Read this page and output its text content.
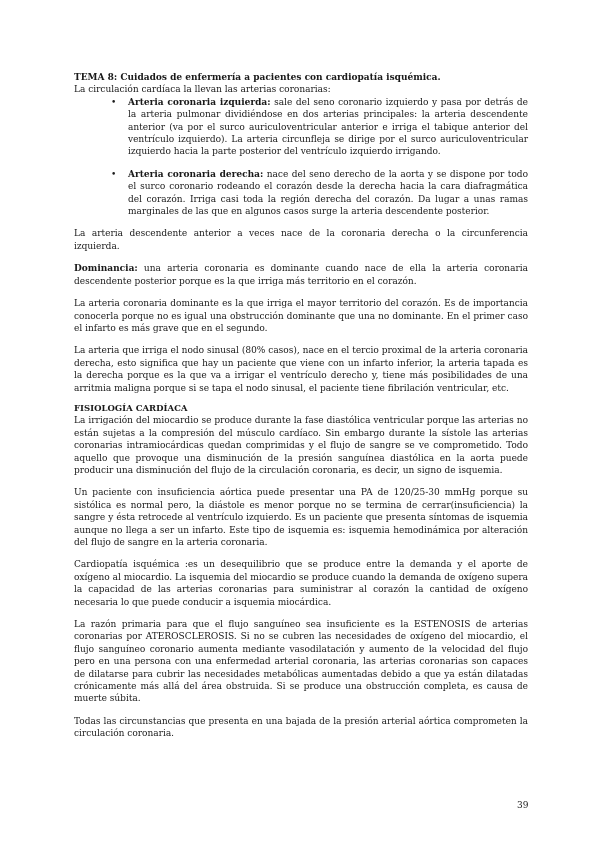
TEMA 8: Cuidados de enfermería a pacientes con cardiopatía isquémica.

La circulación cardíaca la llevan las arterias coronarias:

• Arteria coronaria izquierda: sale del seno coronario izquierdo y pasa por detrás de la arteria pulmonar dividiéndose en dos arterias principales: la arteria descendente anterior (va por el surco auriculoventricular anterior e irriga el tabique anterior del ventrículo izquierdo). La arteria circunfleja se dirige por el surco auriculoventricular izquierdo hacia la parte posterior del ventrículo izquierdo irrigando.
• Arteria coronaria derecha: nace del seno derecho de la aorta y se dispone por todo el surco coronario rodeando el corazón desde la derecha hacia la cara diafragmática del corazón. Irriga casi toda la región derecha del corazón. Da lugar a unas ramas marginales de las que en algunos casos surge la arteria descendente posterior.

La arteria descendente anterior a veces nace de la coronaria derecha o la circunferencia izquierda.

Dominancia: una arteria coronaria es dominante cuando nace de ella la arteria coronaria descendente posterior porque es la que irriga más territorio en el corazón.

La arteria coronaria dominante es la que irriga el mayor territorio del corazón. Es de importancia conocerla porque no es igual una obstrucción dominante que una no dominante. En el primer caso el infarto es más grave que en el segundo.

La arteria que irriga el nodo sinusal (80% casos), nace en el tercio proximal de la arteria coronaria derecha, esto significa que hay un paciente que viene con un infarto inferior, la arteria tapada es la derecha porque es la que va a irrigar el ventrículo derecho y, tiene más posibilidades de una arritmia maligna porque si se tapa el nodo sinusal, el paciente tiene fibrilación ventricular, etc.

FISIOLOGÍA CARDÍACA

La irrigación del miocardio se produce durante la fase diastólica ventricular porque las arterias no están sujetas a la compresión del músculo cardíaco. Sin embargo durante la sístole las arterias coronarias intramiocárdicas quedan comprimidas y el flujo de sangre se ve comprometido. Todo aquello que provoque una disminución de la presión sanguínea diastólica en la aorta puede producir una disminución del flujo de la circulación coronaria, es decir, un signo de isquemia.

Un paciente con insuficiencia aórtica puede presentar una PA de 120/25-30 mmHg porque su sistólica es normal pero, la diástole es menor porque no se termina de cerrar(insuficiencia) la sangre y ésta retrocede al ventrículo izquierdo. Es un paciente que presenta síntomas de isquemia aunque no llega a ser un infarto. Este tipo de isquemia es: isquemia hemodinámica por alteración del flujo de sangre en la arteria coronaria.

Cardiopatía isquémica :es un desequilibrio que se produce entre la demanda y el aporte de oxígeno al miocardio. La isquemia del miocardio se produce cuando la demanda de oxígeno supera la capacidad de las arterias coronarias para suministrar al corazón la cantidad de oxígeno necesaria lo que puede conducir a isquemia miocárdica.

La razón primaria para que el flujo sanguíneo sea insuficiente es la ESTENOSIS de arterias coronarias por ATEROSCLEROSIS. Si no se cubren las necesidades de oxígeno del miocardio, el flujo sanguíneo coronario aumenta mediante vasodilatación y aumento de la velocidad del flujo pero en una persona con una enfermedad arterial coronaria, las arterias coronarias son capaces de dilatarse para cubrir las necesidades metabólicas aumentadas debido a que ya están dilatadas crónicamente más allá del área obstruida. Si se produce una obstrucción completa, es causa de muerte súbita.

Todas las circunstancias que presenta en una bajada de la presión arterial aórtica comprometen la circulación coronaria.

39
